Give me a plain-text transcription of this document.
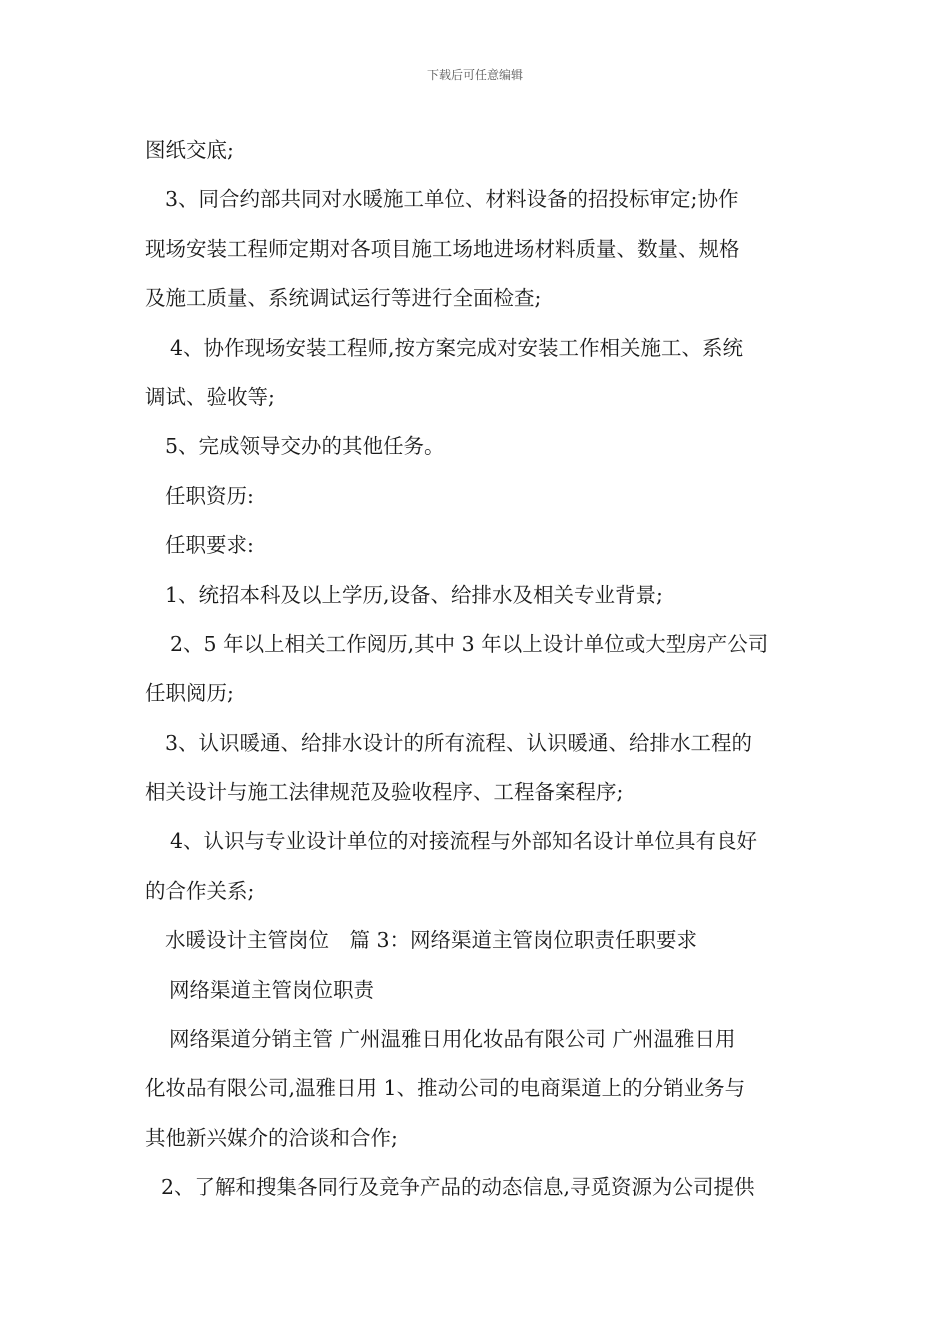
下载后可任意编辑
图纸交底;
3、同合约部共同对水暖施工单位、材料设备的招投标审定;协作
现场安装工程师定期对各项目施工场地进场材料质量、数量、规格
及施工质量、系统调试运行等进行全面检查;
4、协作现场安装工程师,按方案完成对安装工作相关施工、系统
调试、验收等;
5、完成领导交办的其他任务。
任职资历:
任职要求:
1、统招本科及以上学历,设备、给排水及相关专业背景;
2、5 年以上相关工作阅历,其中 3 年以上设计单位或大型房产公司
任职阅历;
3、认识暖通、给排水设计的所有流程、认识暖通、给排水工程的
相关设计与施工法律规范及验收程序、工程备案程序;
4、认识与专业设计单位的对接流程与外部知名设计单位具有良好
的合作关系;
水暖设计主管岗位　篇 3：网络渠道主管岗位职责任职要求
网络渠道主管岗位职责
网络渠道分销主管 广州温雅日用化妆品有限公司 广州温雅日用
化妆品有限公司,温雅日用 1、推动公司的电商渠道上的分销业务与
其他新兴媒介的洽谈和合作;
2、了解和搜集各同行及竞争产品的动态信息,寻觅资源为公司提供
